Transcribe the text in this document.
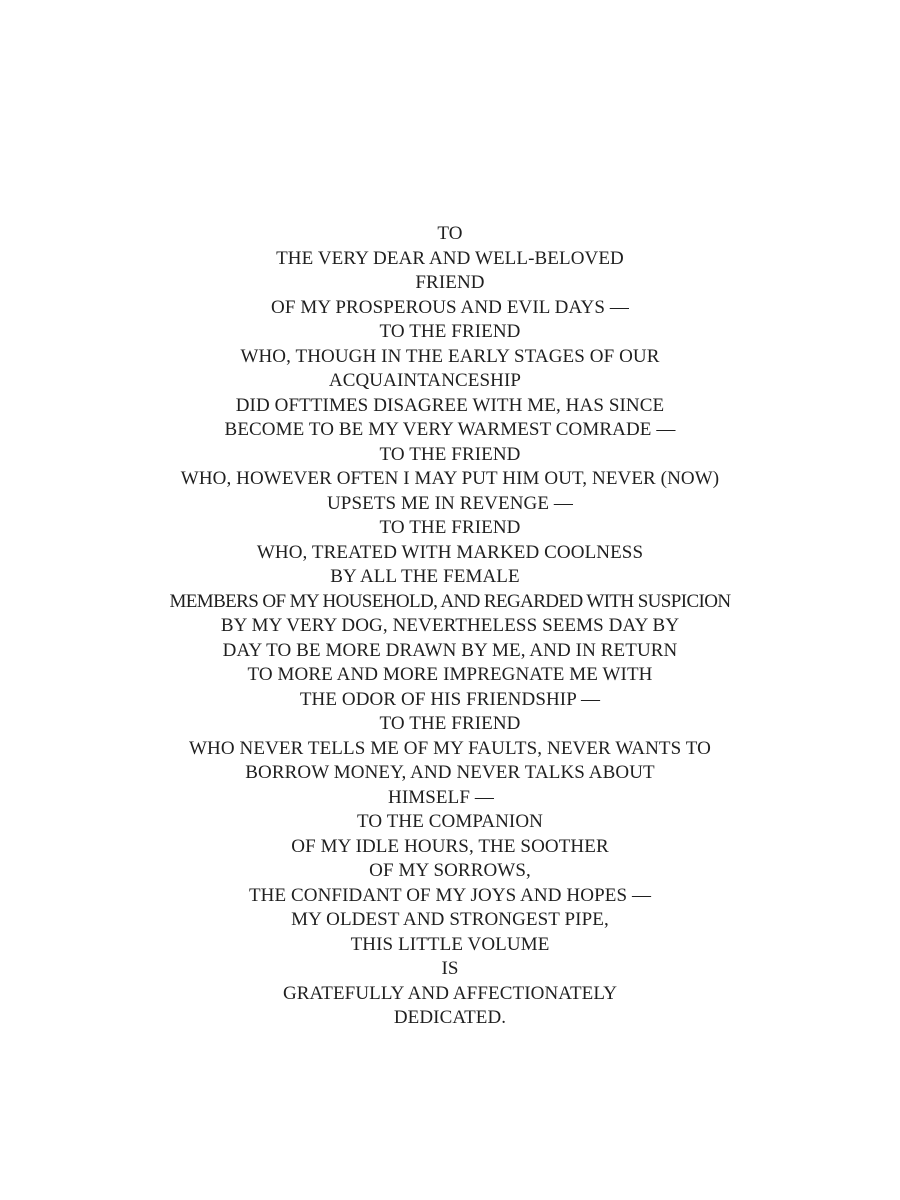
TO
THE VERY DEAR AND WELL-BELOVED
FRIEND
OF MY PROSPEROUS AND EVIL DAYS —
TO THE FRIEND
WHO, THOUGH IN THE EARLY STAGES OF OUR
ACQUAINTANCESHIP
DID OFTTIMES DISAGREE WITH ME, HAS SINCE
BECOME TO BE MY VERY WARMEST COMRADE —
TO THE FRIEND
WHO, HOWEVER OFTEN I MAY PUT HIM OUT, NEVER (NOW)
UPSETS ME IN REVENGE —
TO THE FRIEND
WHO, TREATED WITH MARKED COOLNESS
BY ALL THE FEMALE
MEMBERS OF MY HOUSEHOLD, AND REGARDED WITH SUSPICION
BY MY VERY DOG, NEVERTHELESS SEEMS DAY BY
DAY TO BE MORE DRAWN BY ME, AND IN RETURN
TO MORE AND MORE IMPREGNATE ME WITH
THE ODOR OF HIS FRIENDSHIP —
TO THE FRIEND
WHO NEVER TELLS ME OF MY FAULTS, NEVER WANTS TO
BORROW MONEY, AND NEVER TALKS ABOUT
HIMSELF —
TO THE COMPANION
OF MY IDLE HOURS, THE SOOTHER
OF MY SORROWS,
THE CONFIDANT OF MY JOYS AND HOPES —
MY OLDEST AND STRONGEST PIPE,
THIS LITTLE VOLUME
IS
GRATEFULLY AND AFFECTIONATELY
DEDICATED.
